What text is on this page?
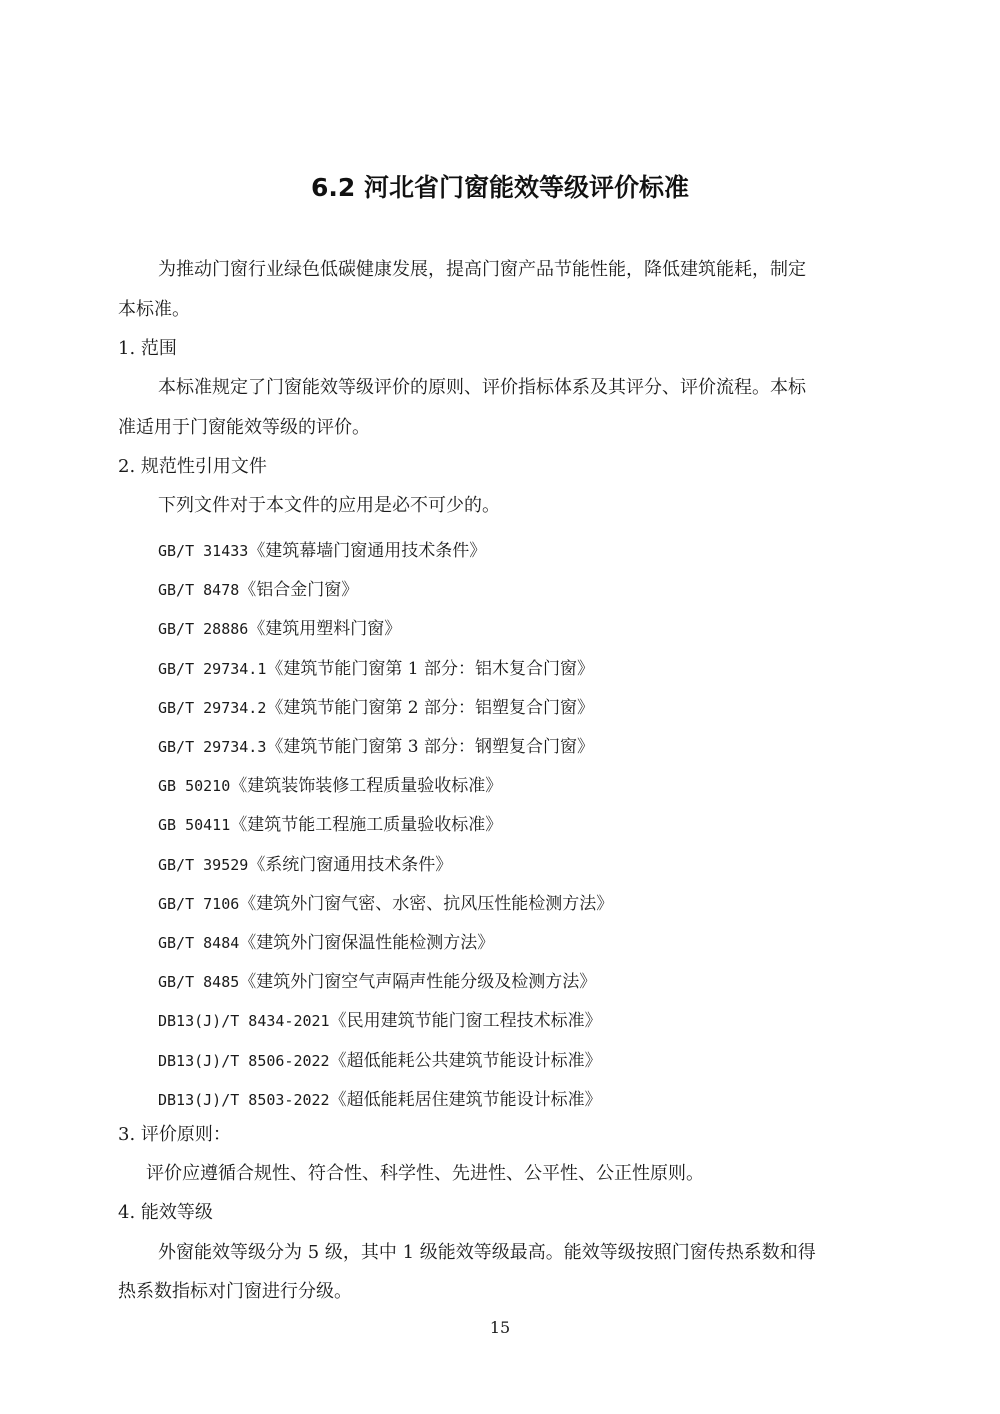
6.2 河北省门窗能效等级评价标准
为推动门窗行业绿色低碳健康发展，提高门窗产品节能性能，降低建筑能耗，制定
本标准。
1. 范围
本标准规定了门窗能效等级评价的原则、评价指标体系及其评分、评价流程。本标
准适用于门窗能效等级的评价。
2. 规范性引用文件
下列文件对于本文件的应用是必不可少的。
GB/T 31433《建筑幕墙门窗通用技术条件》
GB/T 8478《铝合金门窗》
GB/T 28886《建筑用塑料门窗》
GB/T 29734.1《建筑节能门窗第 1 部分：铝木复合门窗》
GB/T 29734.2《建筑节能门窗第 2 部分：铝塑复合门窗》
GB/T 29734.3《建筑节能门窗第 3 部分：钢塑复合门窗》
GB 50210《建筑装饰装修工程质量验收标准》
GB 50411《建筑节能工程施工质量验收标准》
GB/T 39529《系统门窗通用技术条件》
GB/T 7106《建筑外门窗气密、水密、抗风压性能检测方法》
GB/T 8484《建筑外门窗保温性能检测方法》
GB/T 8485《建筑外门窗空气声隔声性能分级及检测方法》
DB13(J)/T 8434-2021《民用建筑节能门窗工程技术标准》
DB13(J)/T 8506-2022《超低能耗公共建筑节能设计标准》
DB13(J)/T 8503-2022《超低能耗居住建筑节能设计标准》
3. 评价原则：
评价应遵循合规性、符合性、科学性、先进性、公平性、公正性原则。
4. 能效等级
外窗能效等级分为 5 级，其中 1 级能效等级最高。能效等级按照门窗传热系数和得
热系数指标对门窗进行分级。
15
